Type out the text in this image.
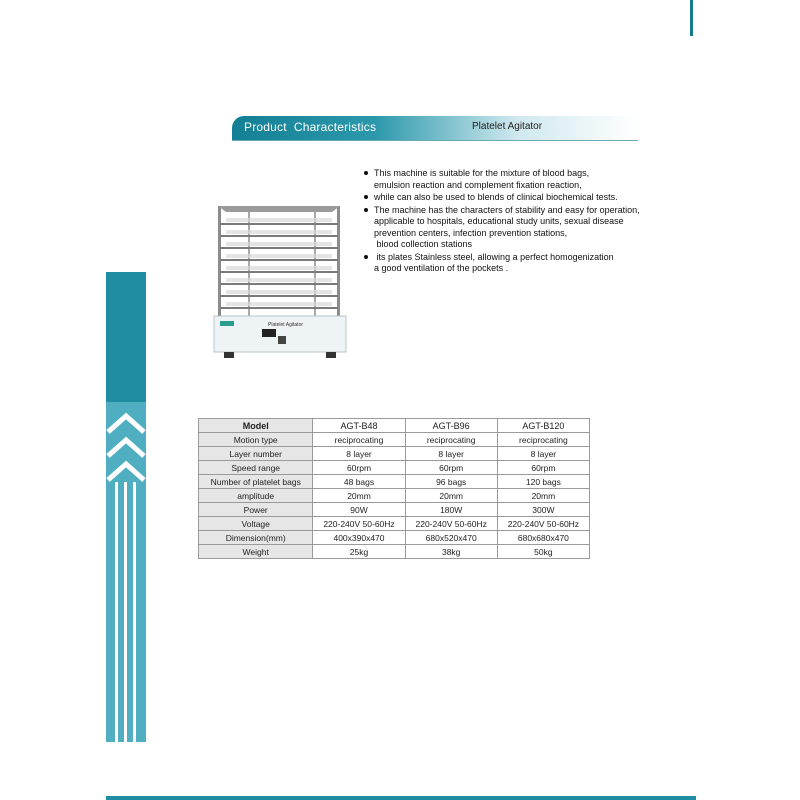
Product  Characteristics	Platelet Agitator
Platelet Agitator
This machine is suitable for the mixture of blood bags,
emulsion reaction and complement fixation reaction,
while can also be used to blends of clinical biochemical tests.
The machine has the characters of stability and easy for operation,
applicable to hospitals, educational study units, sexual disease
prevention centers, infection prevention stations,
blood collection stations
its plates Stainless steel, allowing a perfect homogenization
a good ventilation of the pockets .
Model	AGT-B48	AGT-B96	AGT-B120
Motion type	reciprocating	reciprocating	reciprocating
Layer number	8 layer	8 layer	8 layer
Speed range	60rpm	60rpm	60rpm
Number of platelet bags	48 bags	96 bags	120 bags
amplitude	20mm	20mm	20mm
Power	90W	180W	300W
Voltage	220-240V 50-60Hz	220-240V 50-60Hz	220-240V 50-60Hz
Dimension(mm)	400x390x470	680x520x470	680x680x470
Weight	25kg	38kg	50kg
